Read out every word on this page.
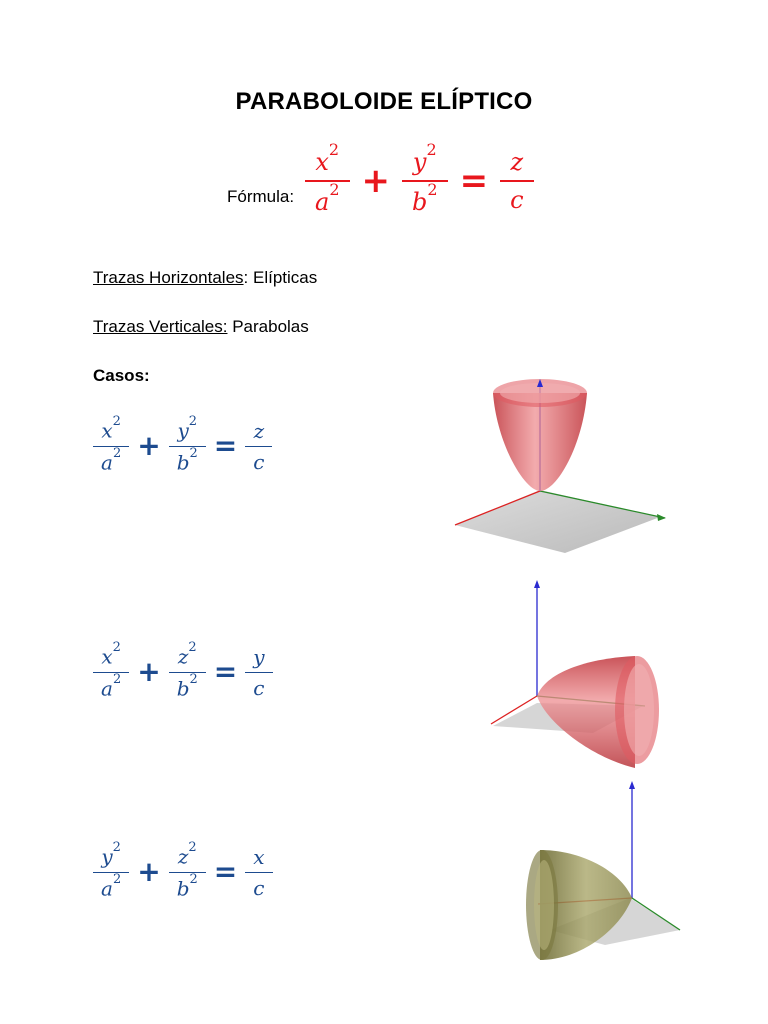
PARABOLOIDE ELÍPTICO
Fórmula: $\frac{x^2}{a^2} + \frac{y^2}{b^2} = \frac{z}{c}$
Trazas Horizontales: Elípticas
Trazas Verticales: Parabolas
Casos:
$\frac{x^2}{a^2} + \frac{y^2}{b^2} = \frac{z}{c}$
$\frac{x^2}{a^2} + \frac{z^2}{b^2} = \frac{y}{c}$
$\frac{y^2}{a^2} + \frac{z^2}{b^2} = \frac{x}{c}$
